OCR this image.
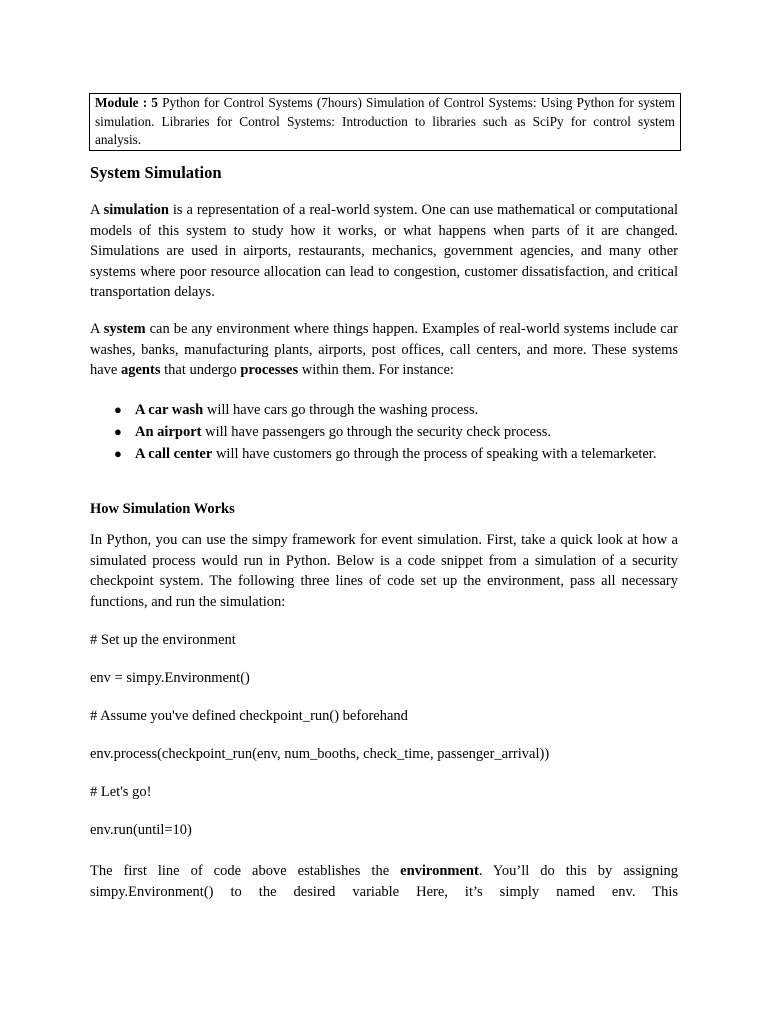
Module : 5 Python for Control Systems (7hours) Simulation of Control Systems: Using Python for system simulation. Libraries for Control Systems: Introduction to libraries such as SciPy for control system analysis.
System Simulation

A simulation is a representation of a real-world system. One can use mathematical or computational models of this system to study how it works, or what happens when parts of it are changed. Simulations are used in airports, restaurants, mechanics, government agencies, and many other systems where poor resource allocation can lead to congestion, customer dissatisfaction, and critical transportation delays.

A system can be any environment where things happen. Examples of real-world systems include car washes, banks, manufacturing plants, airports, post offices, call centers, and more. These systems have agents that undergo processes within them. For instance:

● A car wash will have cars go through the washing process.
● An airport will have passengers go through the security check process.
● A call center will have customers go through the process of speaking with a telemarketer.
How Simulation Works

In Python, you can use the simpy framework for event simulation. First, take a quick look at how a simulated process would run in Python. Below is a code snippet from a simulation of a security checkpoint system. The following three lines of code set up the environment, pass all necessary functions, and run the simulation:

# Set up the environment

env = simpy.Environment()

# Assume you've defined checkpoint_run() beforehand

env.process(checkpoint_run(env, num_booths, check_time, passenger_arrival))

# Let's go!

env.run(until=10)

The first line of code above establishes the environment. You’ll do this by assigning simpy.Environment() to the desired variable Here, it’s simply named env. This
